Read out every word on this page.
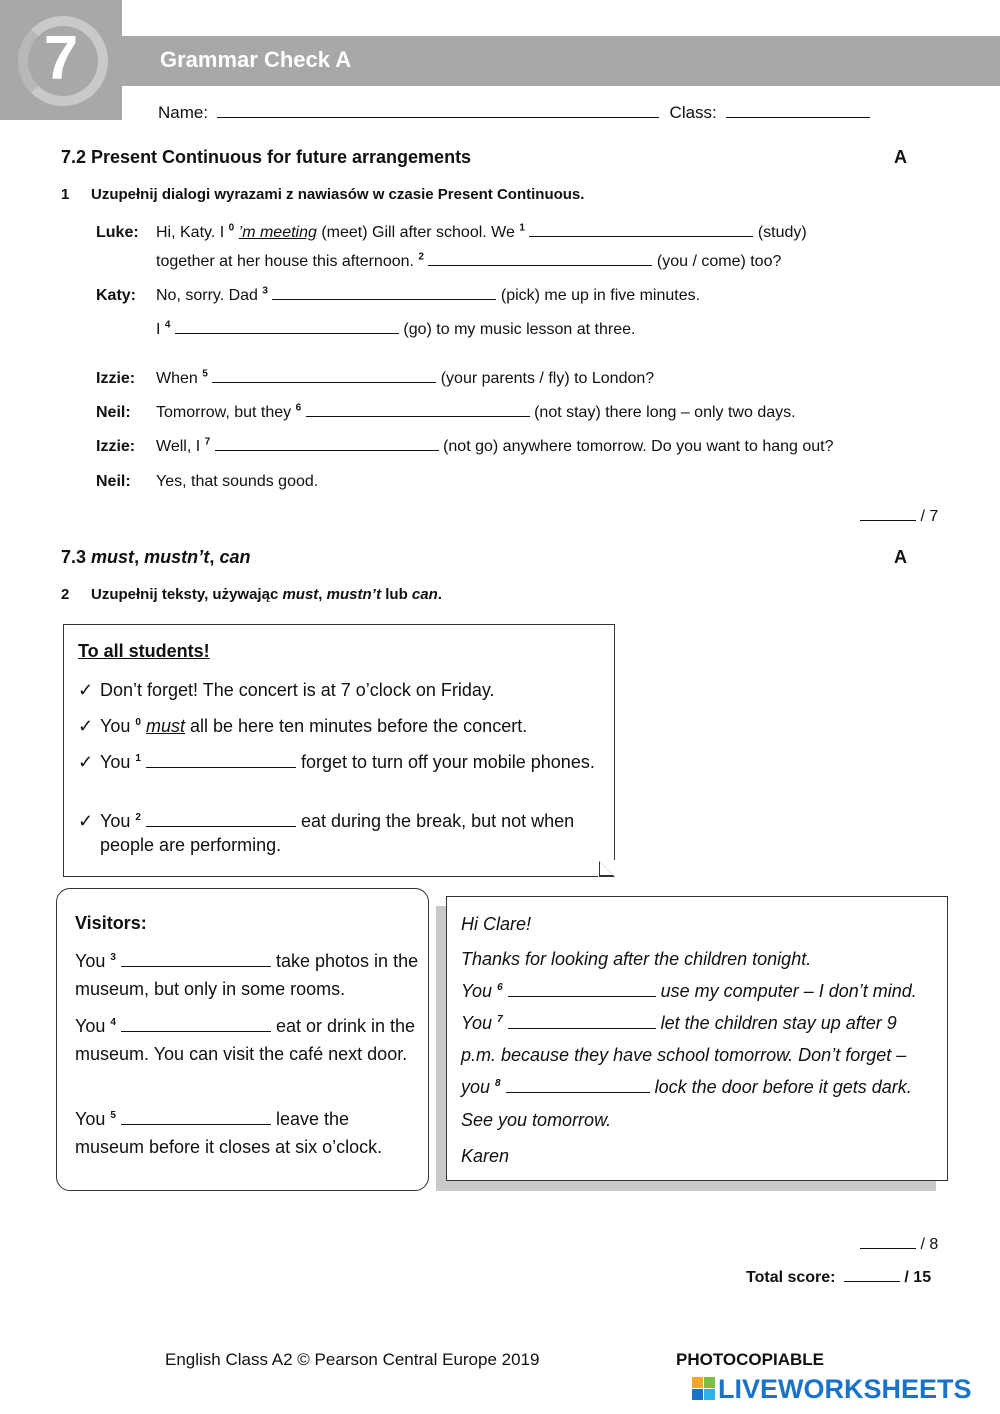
7	Grammar Check A
Name:	Class:
7.2 Present Continuous for future arrangements	A
1 Uzupełnij dialogi wyrazami z nawiasów w czasie Present Continuous.
Luke: Hi, Katy. I $^0$ ’m meeting (meet) Gill after school. We $^1$	(study)
together at her house this afternoon. $^2$	(you / come) too?
Katy: No, sorry. Dad $^3$	(pick) me up in five minutes.
I $^4$	(go) to my music lesson at three.
Izzie: When $^5$	(your parents / fly) to London?
Neil: Tomorrow, but they $^6$	(not stay) there long – only two days.
Izzie: Well, I $^7$	(not go) anywhere tomorrow. Do you want to hang out?
Neil: Yes, that sounds good.
/ 7
7.3 must, mustn’t, can	A
2 Uzupełnij teksty, używając must, mustn’t lub can.
To all students!
✓ Don’t forget! The concert is at 7 o’clock on Friday.
✓ You $^0$ must all be here ten minutes before the concert.
✓ You $^1$	forget to turn off your mobile phones.
✓ You $^2$	eat during the break, but not when people are performing.
Visitors:
You $^3$	take photos in the museum, but only in some rooms.
You $^4$	eat or drink in the museum. You can visit the café next door.
You $^5$	leave the museum before it closes at six o’clock.
Hi Clare!
Thanks for looking after the children tonight.
You $^6$	use my computer – I don’t mind.
You $^7$	let the children stay up after 9
p.m. because they have school tomorrow. Don’t forget –
you $^8$	lock the door before it gets dark.
See you tomorrow.
Karen
/ 8
Total score:	/ 15
English Class A2 © Pearson Central Europe 2019	PHOTOCOPIABLE
LIVEWORKSHEETS
